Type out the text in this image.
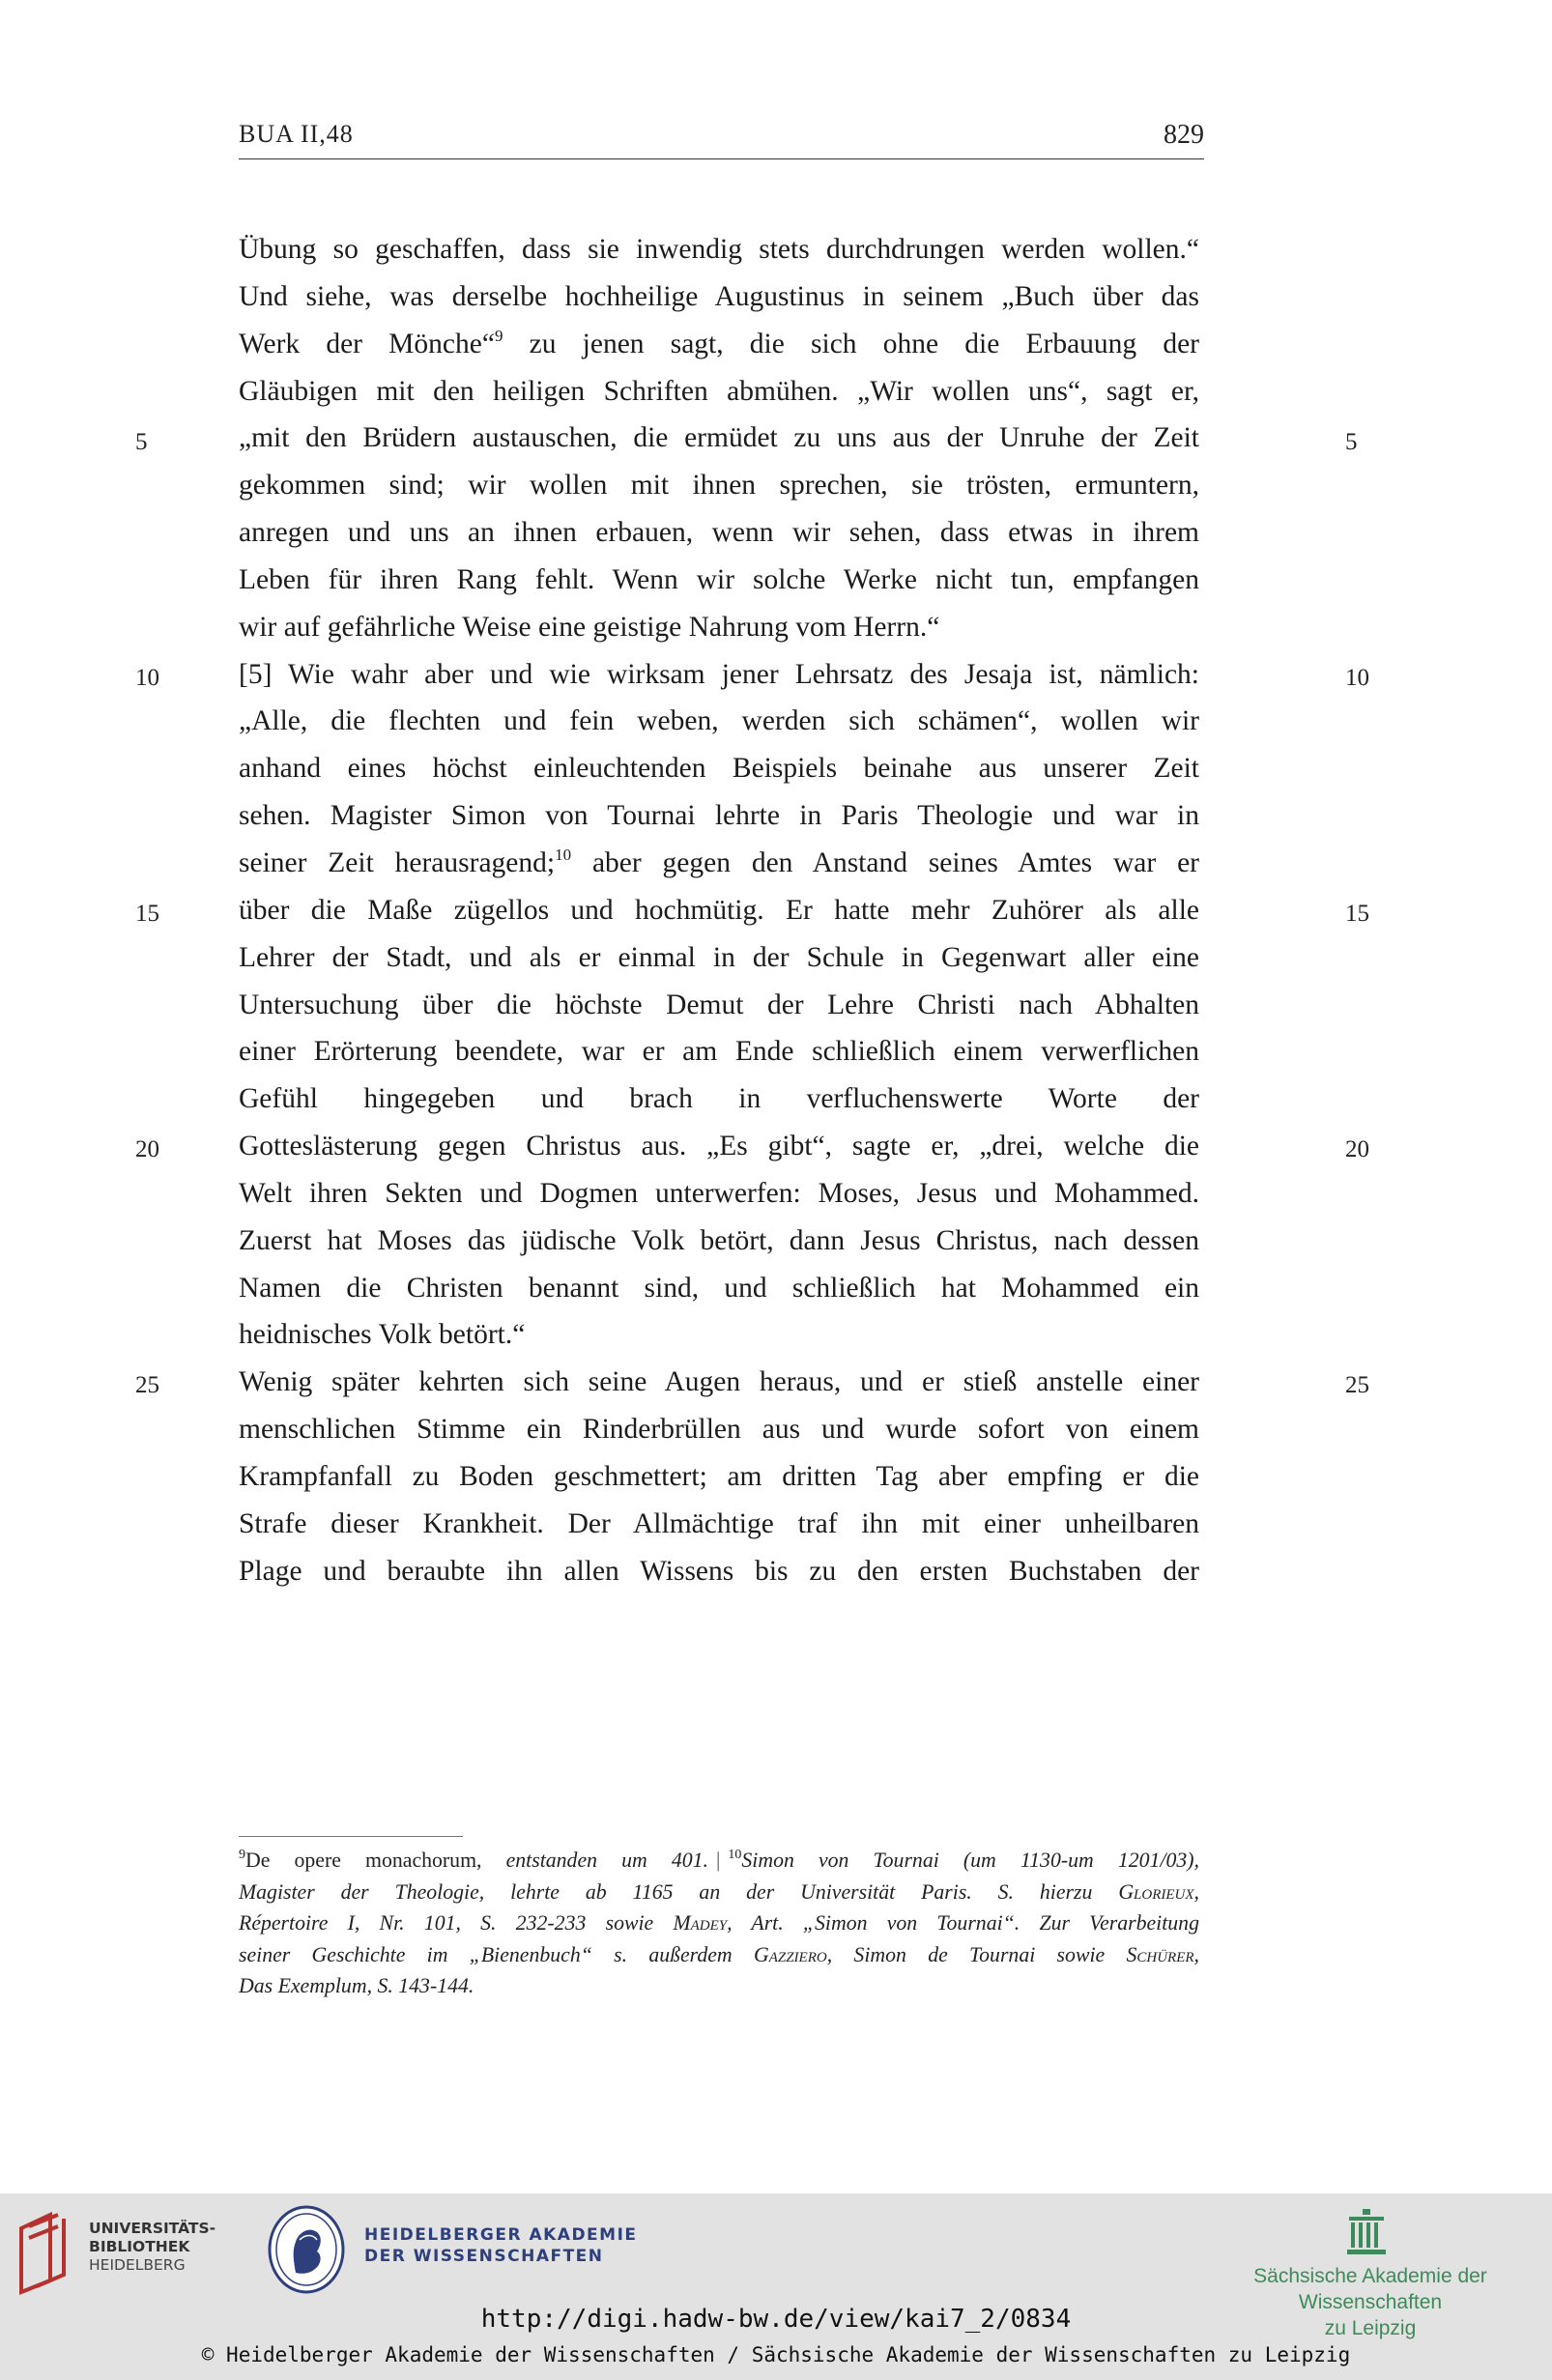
BUA II,48	829
5
10
15
20
25
5
10
15
20
25
Übung so geschaffen, dass sie inwendig stets durchdrungen werden wollen.“
Und siehe, was derselbe hochheilige Augustinus in seinem „Buch über das
Werk der Mönche“$^9$ zu jenen sagt, die sich ohne die Erbauung der
Gläubigen mit den heiligen Schriften abmühen. „Wir wollen uns“, sagt er,
„mit den Brüdern austauschen, die ermüdet zu uns aus der Unruhe der Zeit
gekommen sind; wir wollen mit ihnen sprechen, sie trösten, ermuntern,
anregen und uns an ihnen erbauen, wenn wir sehen, dass etwas in ihrem
Leben für ihren Rang fehlt. Wenn wir solche Werke nicht tun, empfangen
wir auf gefährliche Weise eine geistige Nahrung vom Herrn.“
[5] Wie wahr aber und wie wirksam jener Lehrsatz des Jesaja ist, nämlich:
„Alle, die flechten und fein weben, werden sich schämen“, wollen wir
anhand eines höchst einleuchtenden Beispiels beinahe aus unserer Zeit
sehen. Magister Simon von Tournai lehrte in Paris Theologie und war in
seiner Zeit herausragend;$^{10}$ aber gegen den Anstand seines Amtes war er
über die Maße zügellos und hochmütig. Er hatte mehr Zuhörer als alle
Lehrer der Stadt, und als er einmal in der Schule in Gegenwart aller eine
Untersuchung über die höchste Demut der Lehre Christi nach Abhalten
einer Erörterung beendete, war er am Ende schließlich einem verwerflichen
Gefühl hingegeben und brach in verfluchenswerte Worte der
Gotteslästerung gegen Christus aus. „Es gibt“, sagte er, „drei, welche die
Welt ihren Sekten und Dogmen unterwerfen: Moses, Jesus und Mohammed.
Zuerst hat Moses das jüdische Volk betört, dann Jesus Christus, nach dessen
Namen die Christen benannt sind, und schließlich hat Mohammed ein
heidnisches Volk betört.“
Wenig später kehrten sich seine Augen heraus, und er stieß anstelle einer
menschlichen Stimme ein Rinderbrüllen aus und wurde sofort von einem
Krampfanfall zu Boden geschmettert; am dritten Tag aber empfing er die
Strafe dieser Krankheit. Der Allmächtige traf ihn mit einer unheilbaren
Plage und beraubte ihn allen Wissens bis zu den ersten Buchstaben der
$^9$De opere monachorum, entstanden um 401. | $^{10}$Simon von Tournai (um 1130-um 1201/03),
Magister der Theologie, lehrte ab 1165 an der Universität Paris. S. hierzu Glorieux,
Répertoire I, Nr. 101, S. 232-233 sowie Madey, Art. „Simon von Tournai“. Zur Verarbeitung
seiner Geschichte im „Bienenbuch“ s. außerdem Gazziero, Simon de Tournai sowie Schürer,
Das Exemplum, S. 143-144.
UNIVERSITÄTS-
BIBLIOTHEK
HEIDELBERG
HEIDELBERGER AKADEMIE
DER WISSENSCHAFTEN
Sächsische Akademie der Wissenschaften
zu Leipzig
http://digi.hadw-bw.de/view/kai7_2/0834
© Heidelberger Akademie der Wissenschaften / Sächsische Akademie der Wissenschaften zu Leipzig
